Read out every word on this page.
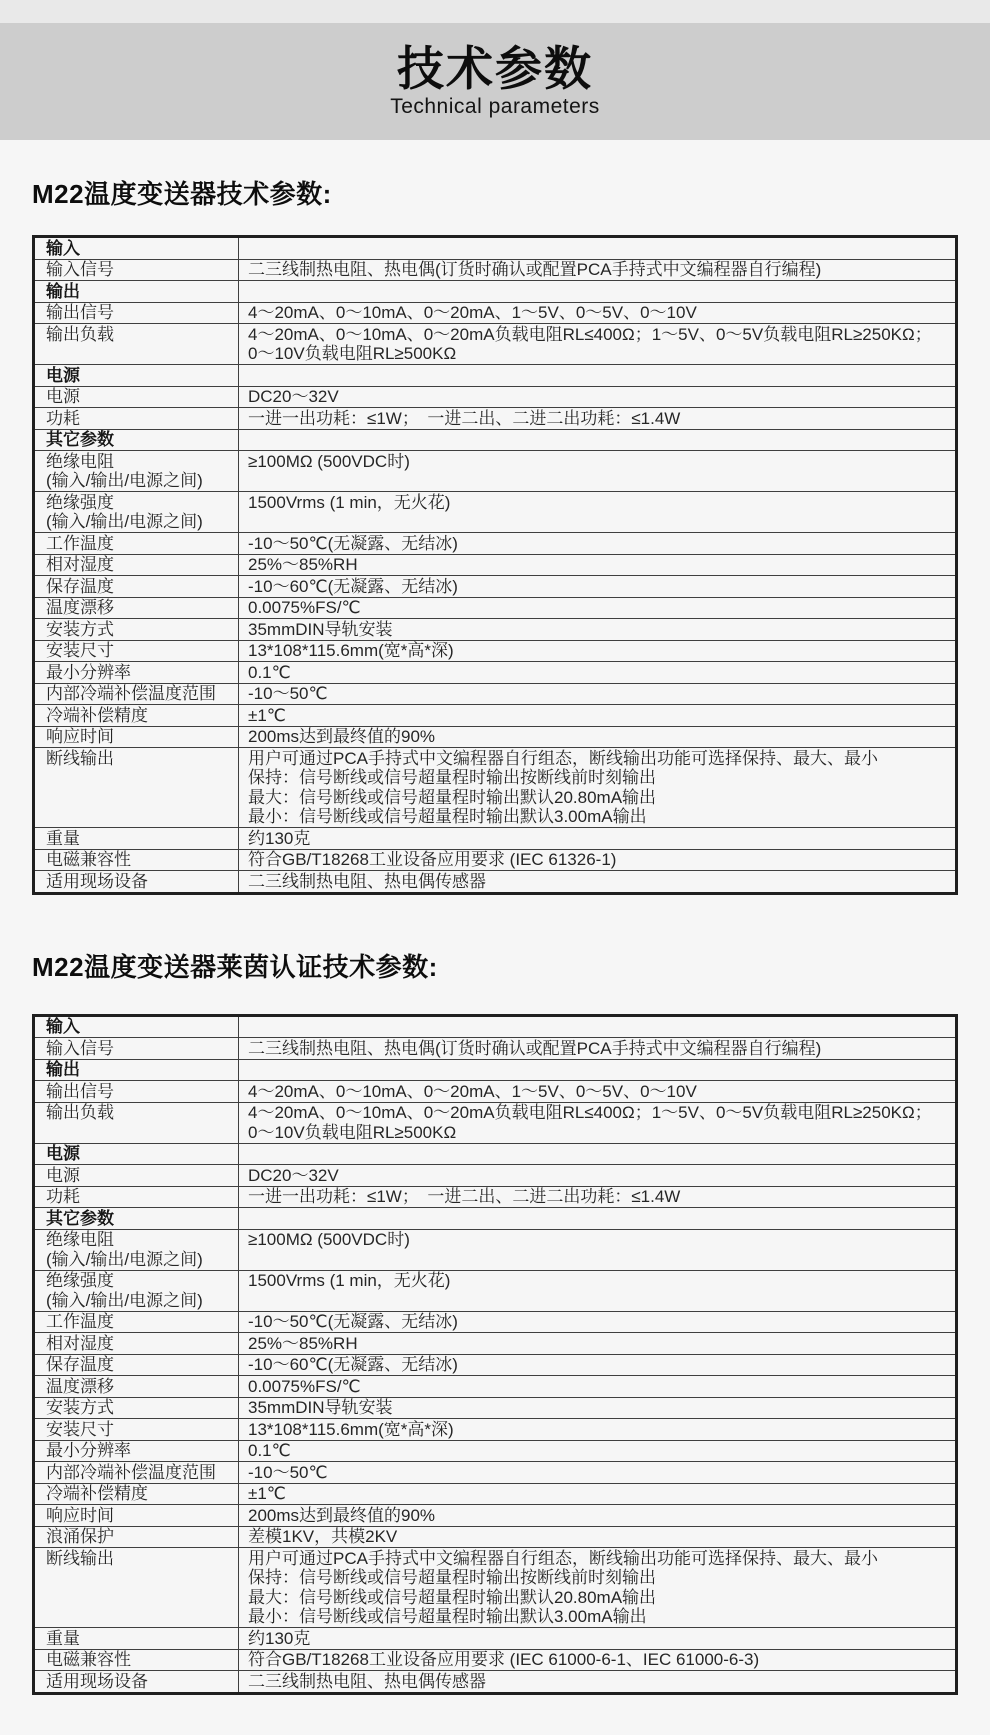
技术参数
Technical parameters
M22温度变送器技术参数:
输入	
输入信号	二三线制热电阻、热电偶(订货时确认或配置PCA手持式中文编程器自行编程)
输出	
输出信号	4～20mA、0～10mA、0～20mA、1～5V、0～5V、0～10V
输出负载	4～20mA、0～10mA、0～20mA负载电阻RL≤400Ω；1～5V、0～5V负载电阻RL≥250KΩ；
0～10V负载电阻RL≥500KΩ

电源	
电源	DC20～32V
功耗	一进一出功耗：≤1W；　一进二出、二进二出功耗：≤1.4W
其它参数	

绝缘电阻
(输入/输出/电源之间)	≥100MΩ (500VDC时)

绝缘强度
(输入/输出/电源之间)	1500Vrms (1 min，无火花)
工作温度	-10～50℃(无凝露、无结冰)
相对湿度	25%～85%RH
保存温度	-10～60℃(无凝露、无结冰)
温度漂移	0.0075%FS/℃
安装方式	35mmDIN导轨安装
安装尺寸	13*108*115.6mm(宽*高*深)
最小分辨率	0.1℃
内部冷端补偿温度范围	-10～50℃
冷端补偿精度	±1℃
响应时间	200ms达到最终值的90%
断线输出	用户可通过PCA手持式中文编程器自行组态，断线输出功能可选择保持、最大、最小
保持：信号断线或信号超量程时输出按断线前时刻输出
最大：信号断线或信号超量程时输出默认20.80mA输出
最小：信号断线或信号超量程时输出默认3.00mA输出

重量	约130克
电磁兼容性	符合GB/T18268工业设备应用要求 (IEC 61326-1)
适用现场设备	二三线制热电阻、热电偶传感器
M22温度变送器莱茵认证技术参数:
输入	
输入信号	二三线制热电阻、热电偶(订货时确认或配置PCA手持式中文编程器自行编程)
输出	
输出信号	4～20mA、0～10mA、0～20mA、1～5V、0～5V、0～10V
输出负载	4～20mA、0～10mA、0～20mA负载电阻RL≤400Ω；1～5V、0～5V负载电阻RL≥250KΩ；
0～10V负载电阻RL≥500KΩ

电源	
电源	DC20～32V
功耗	一进一出功耗：≤1W；　一进二出、二进二出功耗：≤1.4W
其它参数	

绝缘电阻
(输入/输出/电源之间)	≥100MΩ (500VDC时)

绝缘强度
(输入/输出/电源之间)	1500Vrms (1 min，无火花)
工作温度	-10～50℃(无凝露、无结冰)
相对湿度	25%～85%RH
保存温度	-10～60℃(无凝露、无结冰)
温度漂移	0.0075%FS/℃
安装方式	35mmDIN导轨安装
安装尺寸	13*108*115.6mm(宽*高*深)
最小分辨率	0.1℃
内部冷端补偿温度范围	-10～50℃
冷端补偿精度	±1℃
响应时间	200ms达到最终值的90%
浪涌保护	差模1KV，共模2KV
断线输出	用户可通过PCA手持式中文编程器自行组态，断线输出功能可选择保持、最大、最小
保持：信号断线或信号超量程时输出按断线前时刻输出
最大：信号断线或信号超量程时输出默认20.80mA输出
最小：信号断线或信号超量程时输出默认3.00mA输出

重量	约130克
电磁兼容性	符合GB/T18268工业设备应用要求 (IEC 61000-6-1、IEC 61000-6-3)
适用现场设备	二三线制热电阻、热电偶传感器
